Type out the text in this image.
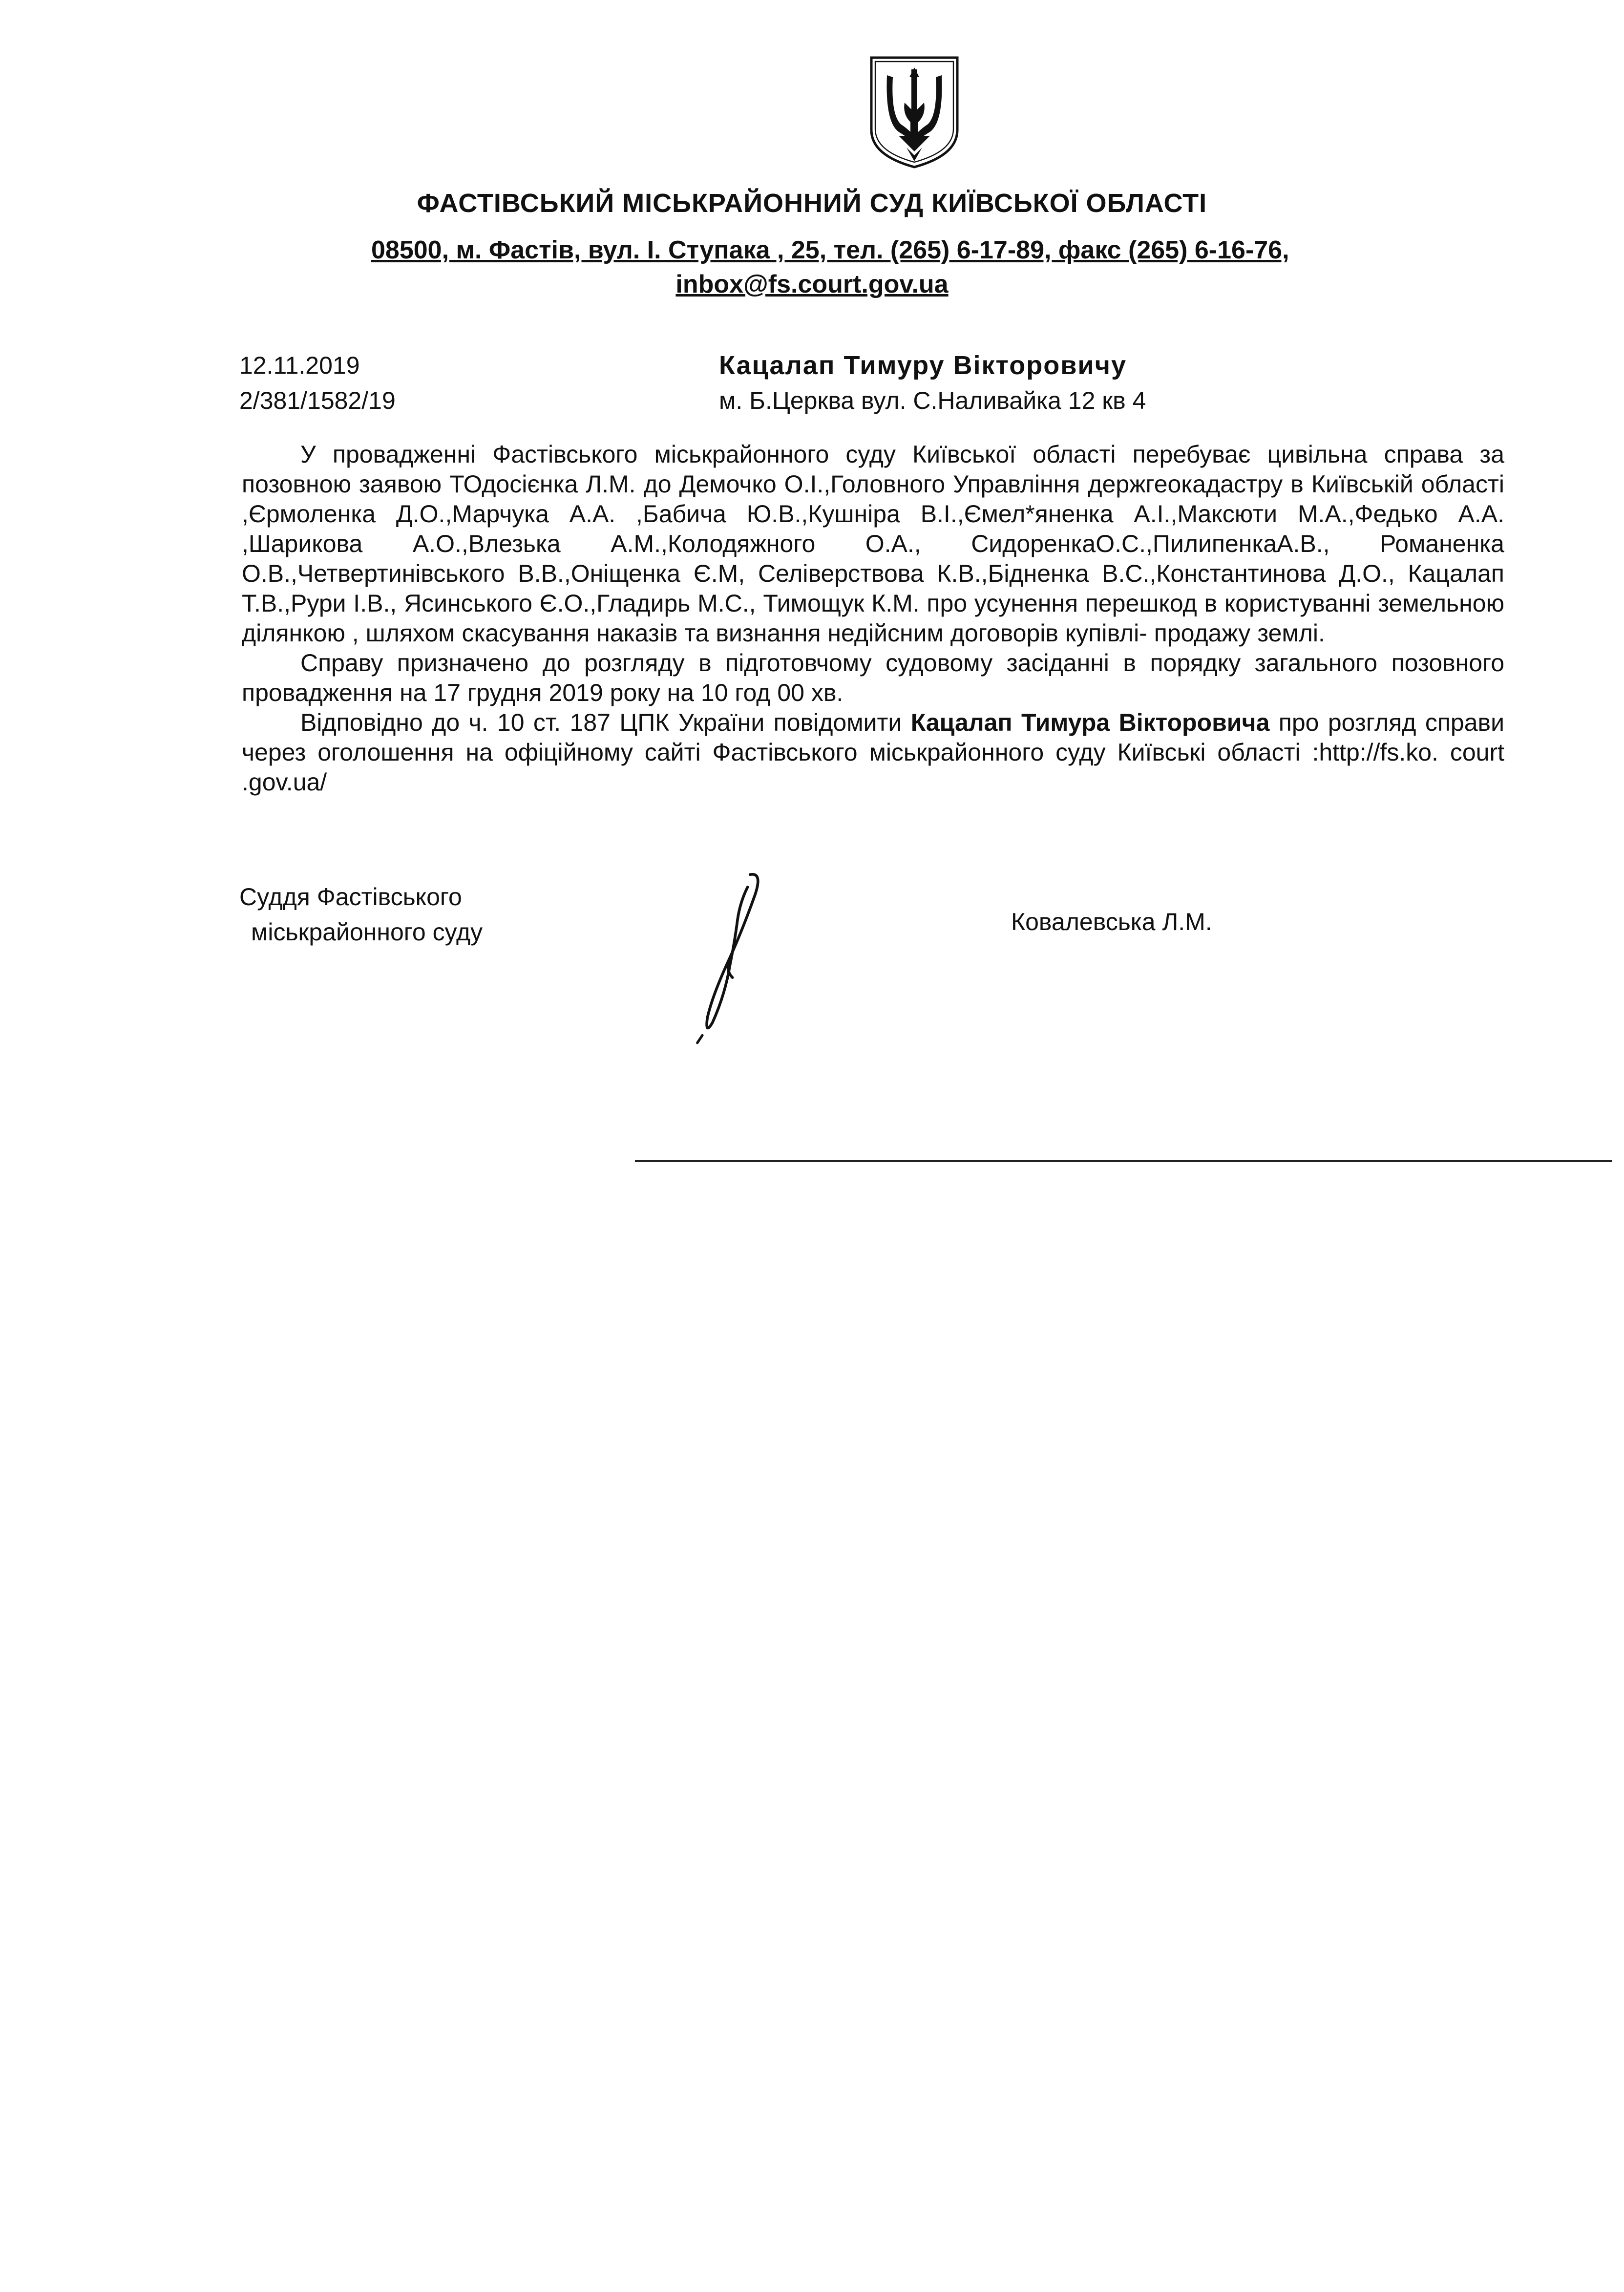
ФАСТІВСЬКИЙ МІСЬКРАЙОННИЙ СУД КИЇВСЬКОЇ ОБЛАСТІ
08500, м. Фастів, вул. І. Ступака , 25, тел. (265) 6-17-89, факс (265) 6-16-76,
inbox@fs.court.gov.ua
12.11.2019
2/381/1582/19
Кацалап Тимуру Вікторовичу
м. Б.Церква вул. С.Наливайка 12 кв 4

У провадженні Фастівського міськрайонного суду Київської області перебуває цивільна справа за позовною заявою ТОдосієнка Л.М. до Демочко О.І.,Головного Управління держгеокадастру в Київській області ,Єрмоленка Д.О.,Марчука А.А. ,Бабича Ю.В.,Кушніра В.І.,Ємел*яненка А.І.,Максюти М.А.,Федько А.А. ,Шарикова А.О.,Влезька А.М.,Колодяжного О.А., СидоренкаО.С.,ПилипенкаА.В., Романенка О.В.,Четвертинівського В.В.,Оніщенка Є.М, Селіверствова К.В.,Бідненка В.С.,Константинова Д.О., Кацалап Т.В.,Рури І.В., Ясинського Є.О.,Гладирь М.С., Тимощук К.М. про усунення перешкод в користуванні земельною ділянкою , шляхом скасування наказів та визнання недійсним договорів купівлі- продажу землі.

Справу призначено до розгляду в підготовчому судовому засіданні в порядку загального позовного провадження на 17 грудня 2019 року на 10 год 00 хв.

Відповідно до ч. 10 ст. 187 ЦПК України повідомити Кацалап Тимура Вікторовича про розгляд справи через оголошення на офіційному сайті Фастівського міськрайонного суду Київські області :http://fs.ko. court .gov.ua/

Суддя Фастівського
міськрайонного суду	Ковалевська Л.М.
